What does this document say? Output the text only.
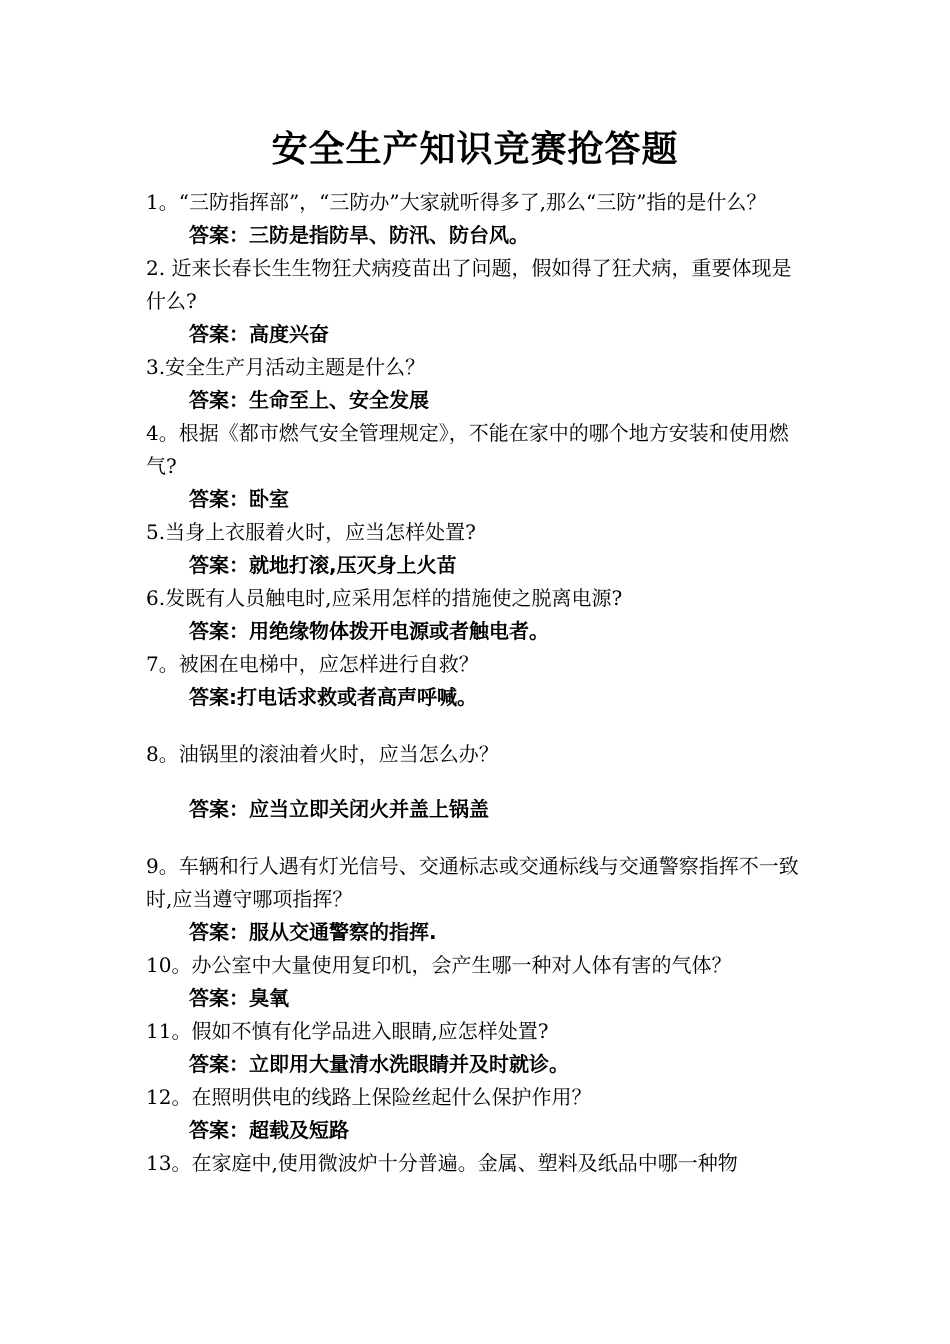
安全生产知识竞赛抢答题

1。“三防指挥部”，“三防办”大家就听得多了,那么“三防”指的是什么？

答案：三防是指防旱、防汛、防台风。

2. 近来长春长生生物狂犬病疫苗出了问题，假如得了狂犬病，重要体现是什么?

答案：高度兴奋

3.安全生产月活动主题是什么？

答案：生命至上、安全发展

4。根据《都市燃气安全管理规定》，不能在家中的哪个地方安装和使用燃气?

答案：卧室

5.当身上衣服着火时，应当怎样处置?

答案：就地打滚,压灭身上火苗

6.发既有人员触电时,应采用怎样的措施使之脱离电源?

答案：用绝缘物体拨开电源或者触电者。

7。被困在电梯中，应怎样进行自救？

答案:打电话求救或者高声呼喊。

8。油锅里的滚油着火时，应当怎么办？

答案：应当立即关闭火并盖上锅盖

9。车辆和行人遇有灯光信号、交通标志或交通标线与交通警察指挥不一致时,应当遵守哪项指挥？

答案：服从交通警察的指挥.

10。办公室中大量使用复印机，会产生哪一种对人体有害的气体？

答案：臭氧

11。假如不慎有化学品进入眼睛,应怎样处置?

答案：立即用大量清水洗眼睛并及时就诊。

12。在照明供电的线路上保险丝起什么保护作用？

答案：超载及短路

13。在家庭中,使用微波炉十分普遍。金属、塑料及纸品中哪一种物
